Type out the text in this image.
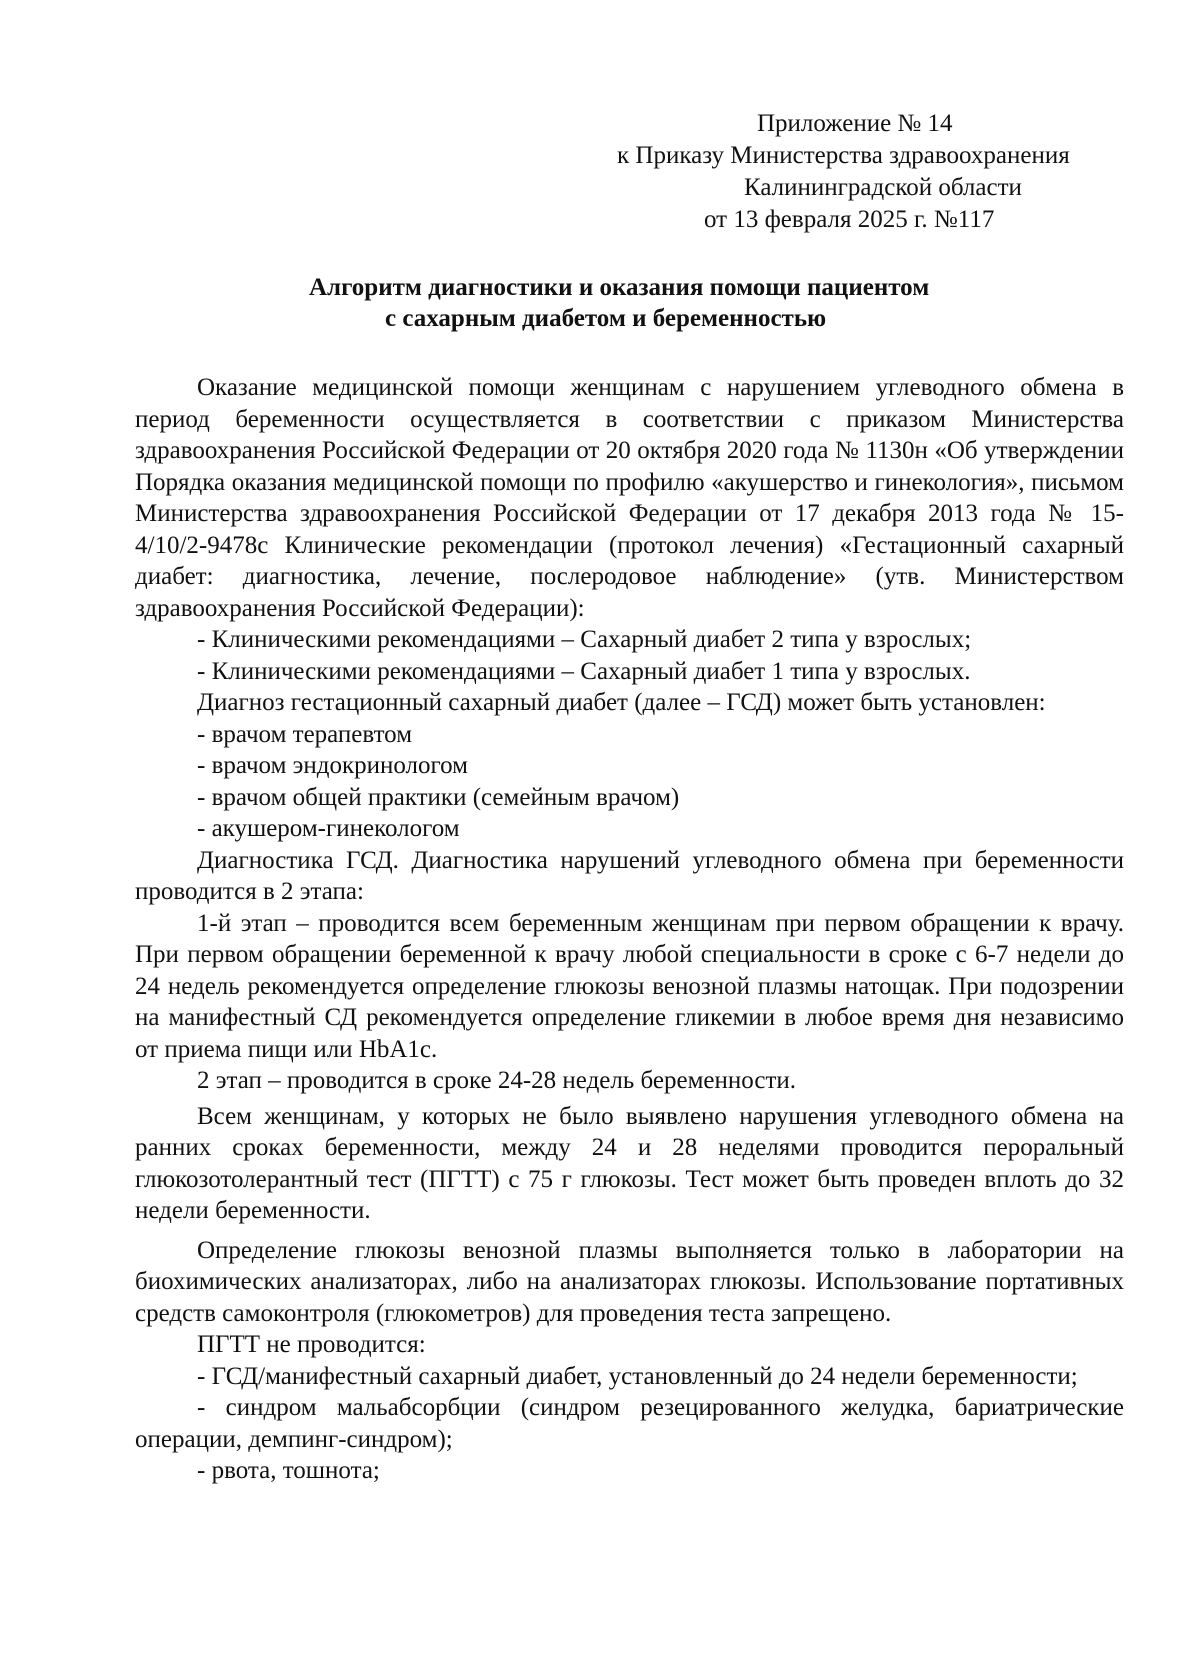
Приложение № 14
к Приказу Министерства здравоохранения
Калининградской области
от 13 февраля 2025 г. №117
Алгоритм диагностики и оказания помощи пациентом
с сахарным диабетом и беременностью

Оказание медицинской помощи женщинам с нарушением углеводного обмена в период беременности осуществляется в соответствии с приказом Министерства здравоохранения Российской Федерации от 20 октября 2020 года № 1130н «Об утверждении Порядка оказания медицинской помощи по профилю «акушерство и гинекология», письмом Министерства здравоохранения Российской Федерации от 17 декабря 2013 года № 15-4/10/2-9478с Клинические рекомендации (протокол лечения) «Гестационный сахарный диабет: диагностика, лечение, послеродовое наблюдение» (утв. Министерством здравоохранения Российской Федерации):

- Клиническими рекомендациями – Сахарный диабет 2 типа у взрослых;

- Клиническими рекомендациями – Сахарный диабет 1 типа у взрослых.

Диагноз гестационный сахарный диабет (далее – ГСД) может быть установлен:

- врачом терапевтом

- врачом эндокринологом

- врачом общей практики (семейным врачом)

- акушером-гинекологом

Диагностика ГСД. Диагностика нарушений углеводного обмена при беременности проводится в 2 этапа:

1-й этап – проводится всем беременным женщинам при первом обращении к врачу. При первом обращении беременной к врачу любой специальности в сроке с 6-7 недели до 24 недель рекомендуется определение глюкозы венозной плазмы натощак. При подозрении на манифестный СД рекомендуется определение гликемии в любое время дня независимо от приема пищи или HbA1c.

2 этап – проводится в сроке 24-28 недель беременности.

Всем женщинам, у которых не было выявлено нарушения углеводного обмена на ранних сроках беременности, между 24 и 28 неделями проводится пероральный глюкозотолерантный тест (ПГТТ) с 75 г глюкозы. Тест может быть проведен вплоть до 32 недели беременности.

Определение глюкозы венозной плазмы выполняется только в лаборатории на биохимических анализаторах, либо на анализаторах глюкозы. Использование портативных средств самоконтроля (глюкометров) для проведения теста запрещено.

ПГТТ не проводится:

- ГСД/манифестный сахарный диабет, установленный до 24 недели беременности;

- синдром мальабсорбции (синдром резецированного желудка, бариатрические операции, демпинг-синдром);

- рвота, тошнота;
